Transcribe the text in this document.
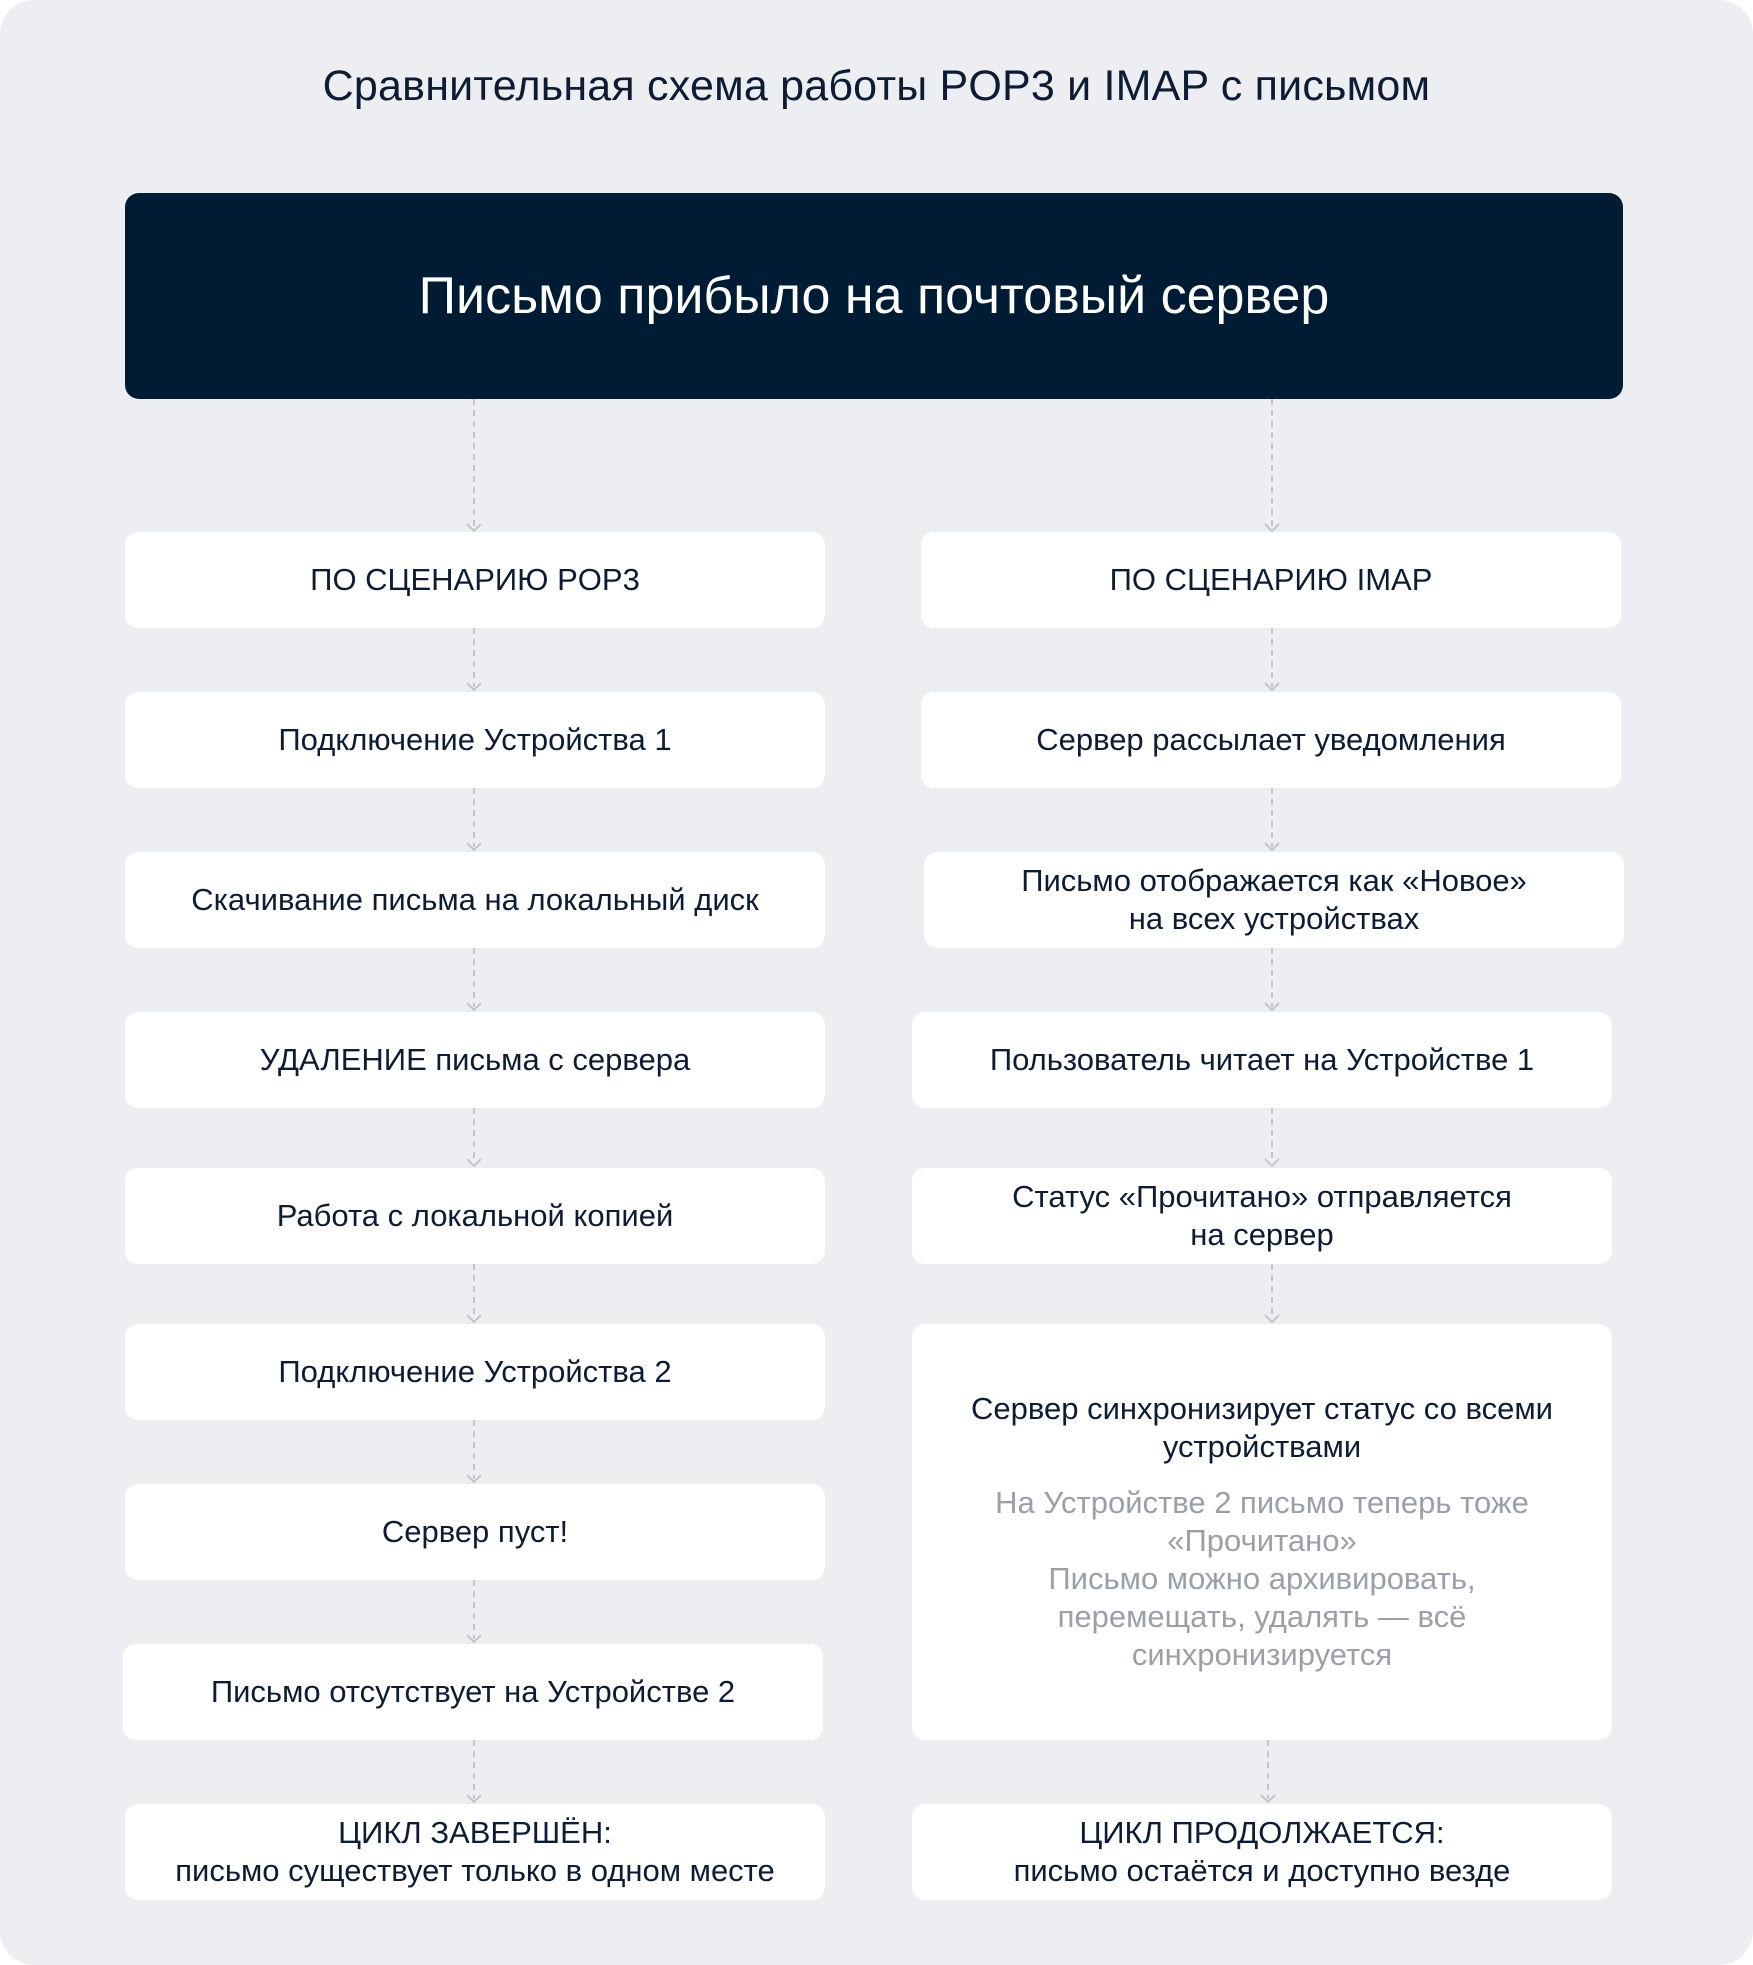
Сравнительная схема работы POP3 и IMAP с письмом
Письмо прибыло на почтовый сервер
ПО СЦЕНАРИЮ POP3
Подключение Устройства 1
Скачивание письма на локальный диск
УДАЛЕНИЕ письма с сервера
Работа с локальной копией
Подключение Устройства 2
Сервер пуст!
Письмо отсутствует на Устройстве 2
ЦИКЛ ЗАВЕРШЁН:
письмо существует только в одном месте
ПО СЦЕНАРИЮ IMAP
Сервер рассылает уведомления
Письмо отображается как «Новое»
на всех устройствах
Пользователь читает на Устройстве 1
Статус «Прочитано» отправляется
на сервер
Сервер синхронизирует статус со всеми
устройствами
На Устройстве 2 письмо теперь тоже
«Прочитано»
Письмо можно архивировать,
перемещать, удалять — всё
синхронизируется
ЦИКЛ ПРОДОЛЖАЕТСЯ:
письмо остаётся и доступно везде
